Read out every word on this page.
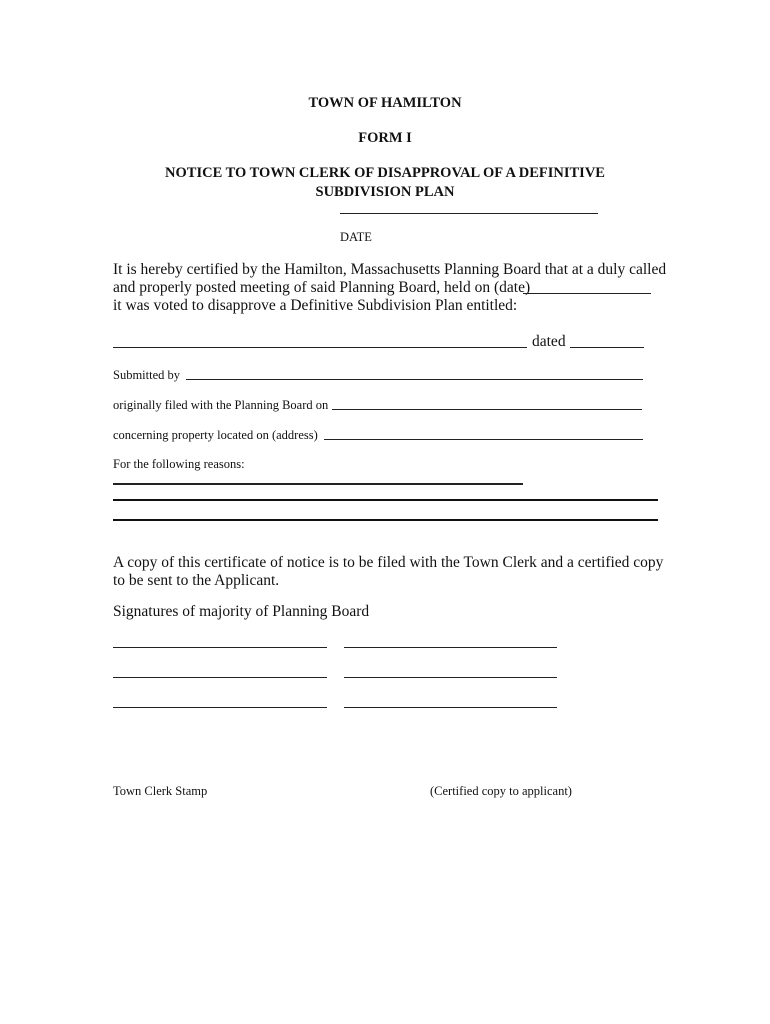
TOWN OF HAMILTON
FORM I
NOTICE TO TOWN CLERK OF DISAPPROVAL OF A DEFINITIVE
SUBDIVISION PLAN
DATE
It is hereby certified by the Hamilton, Massachusetts Planning Board that at a duly called
and properly posted meeting of said Planning Board, held on (date)
it was voted to disapprove a Definitive Subdivision Plan entitled:
dated
Submitted by
originally filed with the Planning Board on
concerning property located on (address)
For the following reasons:
A copy of this certificate of notice is to be filed with the Town Clerk and a certified copy
to be sent to the Applicant.
Signatures of majority of Planning Board
Town Clerk Stamp	(Certified copy to applicant)
